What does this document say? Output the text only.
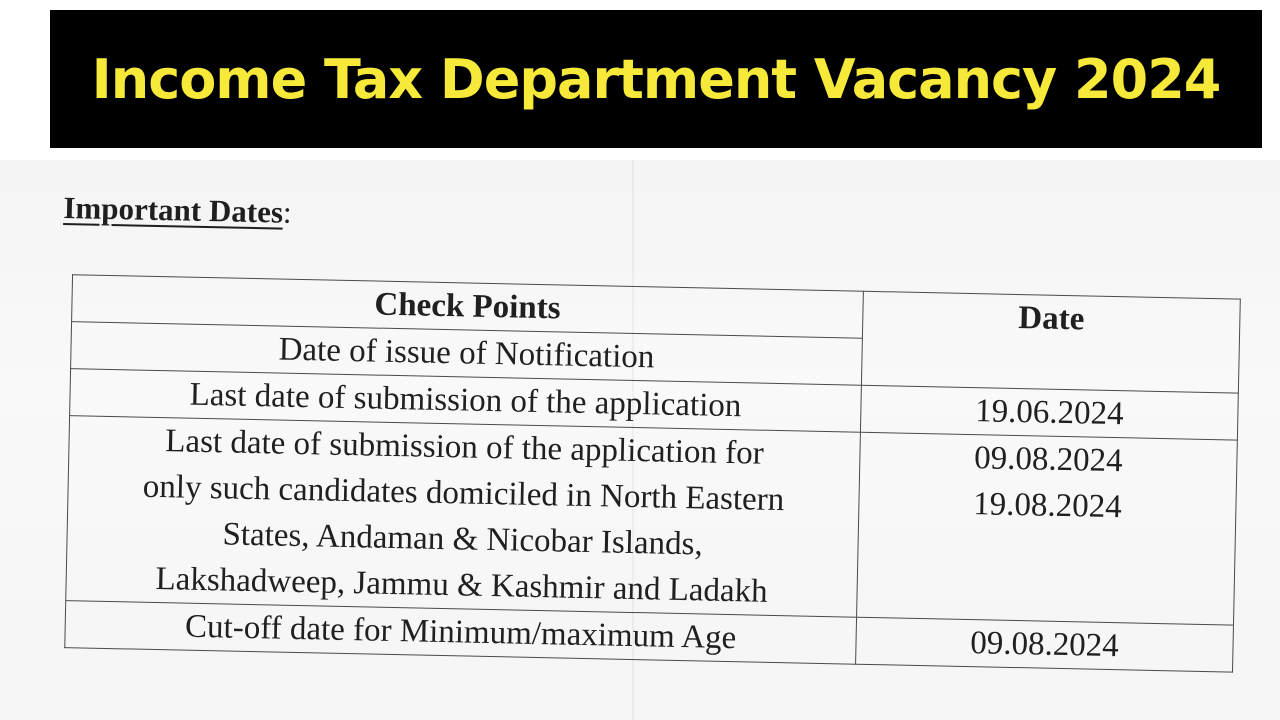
Income Tax Department Vacancy 2024
Important Dates:
Check Points	Date
Date of issue of Notification	
Last date of submission of the application	19.06.2024

Last date of submission of the application for
only such candidates domiciled in North Eastern
States, Andaman & Nicobar Islands,
Lakshadweep, Jammu & Kashmir and Ladakh	09.08.2024
19.08.2024

Cut-off date for Minimum/maximum Age	09.08.2024
